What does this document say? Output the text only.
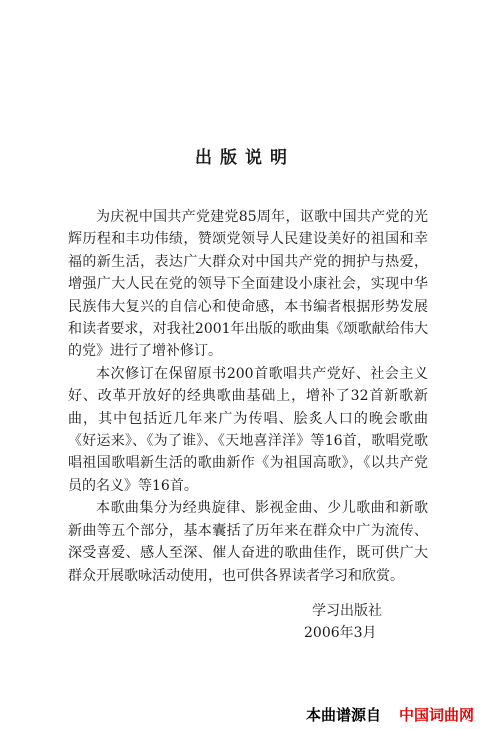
出版说明

为庆祝中国共产党建党85周年，讴歌中国共产党的光辉历程和丰功伟绩，赞颂党领导人民建设美好的祖国和幸福的新生活，表达广大群众对中国共产党的拥护与热爱，增强广大人民在党的领导下全面建设小康社会，实现中华民族伟大复兴的自信心和使命感，本书编者根据形势发展和读者要求，对我社2001年出版的歌曲集《颂歌献给伟大的党》进行了增补修订。

本次修订在保留原书200首歌唱共产党好、社会主义好、改革开放好的经典歌曲基础上，增补了32首新歌新曲，其中包括近几年来广为传唱、脍炙人口的晚会歌曲《好运来》、《为了谁》、《天地喜洋洋》等16首，歌唱党歌唱祖国歌唱新生活的歌曲新作《为祖国高歌》，《以共产党员的名义》等16首。

本歌曲集分为经典旋律、影视金曲、少儿歌曲和新歌新曲等五个部分，基本囊括了历年来在群众中广为流传、深受喜爱、感人至深、催人奋进的歌曲佳作，既可供广大群众开展歌咏活动使用，也可供各界读者学习和欣赏。

学习出版社
2006年3月
本曲谱源自 中国词曲网
